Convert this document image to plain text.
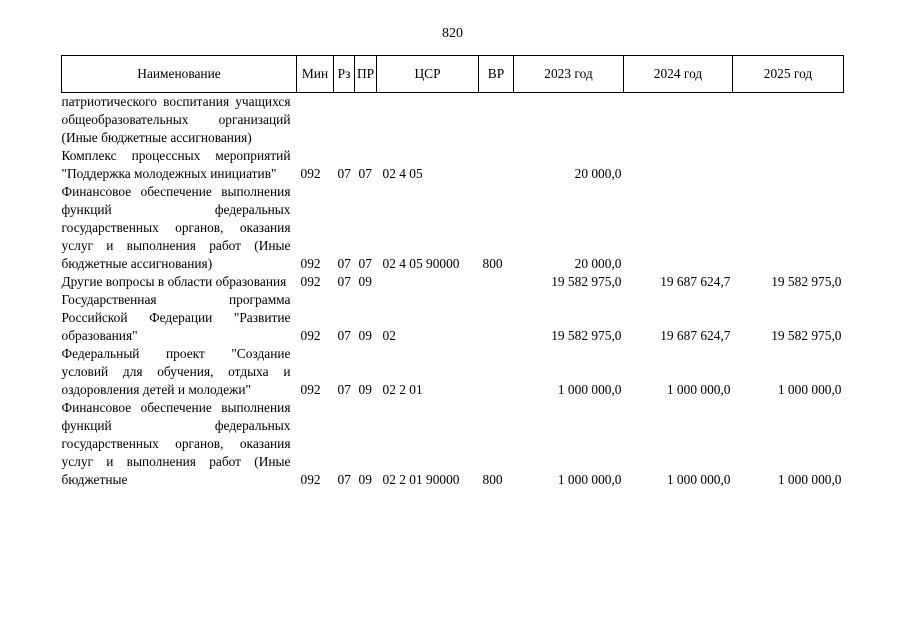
820
Наименование	Мин	Рз	ПР	ЦСР	ВР	2023 год	2024 год	2025 год
патриотического воспитания учащихся общеобразовательных организаций (Иные бюджетные ассигнования)								
Комплекс процессных мероприятий "Поддержка молодежных инициатив"	092	07	07	02 4 05		20 000,0		
Финансовое обеспечение выполнения функций федеральных государственных органов, оказания услуг и выполнения работ (Иные бюджетные ассигнования)	092	07	07	02 4 05 90000	800	20 000,0		
Другие вопросы в области образования	092	07	09			19 582 975,0	19 687 624,7	19 582 975,0
Государственная программа Российской Федерации "Развитие образования"	092	07	09	02		19 582 975,0	19 687 624,7	19 582 975,0
Федеральный проект "Создание условий для обучения, отдыха и оздоровления детей и молодежи"	092	07	09	02 2 01		1 000 000,0	1 000 000,0	1 000 000,0
Финансовое обеспечение выполнения функций федеральных государственных органов, оказания услуг и выполнения работ (Иные бюджетные	092	07	09	02 2 01 90000	800	1 000 000,0	1 000 000,0	1 000 000,0
